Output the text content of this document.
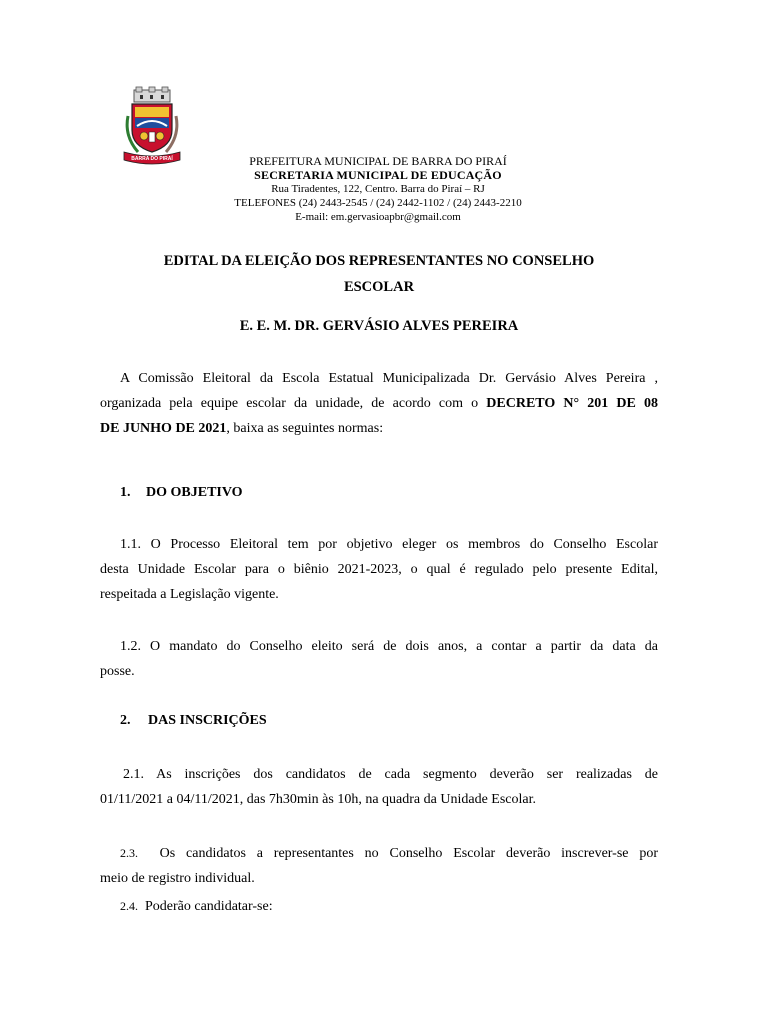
BARRA DO PIRAÍ	PREFEITURA MUNICIPAL DE BARRA DO PIRAÍ
SECRETARIA MUNICIPAL DE EDUCAÇÃO
Rua Tiradentes, 122, Centro. Barra do Piraí – RJ
TELEFONES (24) 2443-2545 / (24) 2442-1102 / (24) 2443-2210
E-mail: em.gervasioapbr@gmail.com
EDITAL DA ELEIÇÃO DOS REPRESENTANTES NO CONSELHO
ESCOLAR
E. E. M. DR. GERVÁSIO ALVES PEREIRA
A Comissão Eleitoral da Escola Estatual Municipalizada Dr. Gervásio Alves Pereira ,
organizada pela equipe escolar da unidade, de acordo com o DECRETO N° 201 DE 08
DE JUNHO DE 2021, baixa as seguintes normas:
1. DO OBJETIVO
1.1. O Processo Eleitoral tem por objetivo eleger os membros do Conselho Escolar
desta Unidade Escolar para o biênio 2021-2023, o qual é regulado pelo presente Edital,
respeitada a Legislação vigente.
1.2. O mandato do Conselho eleito será de dois anos, a contar a partir da data da
posse.
2. DAS INSCRIÇÕES
2.1. As inscrições dos candidatos de cada segmento deverão ser realizadas de
01/11/2021 a 04/11/2021, das 7h30min às 10h, na quadra da Unidade Escolar.
2.3. Os candidatos a representantes no Conselho Escolar deverão inscrever-se por
meio de registro individual.
2.4. Poderão candidatar-se:
